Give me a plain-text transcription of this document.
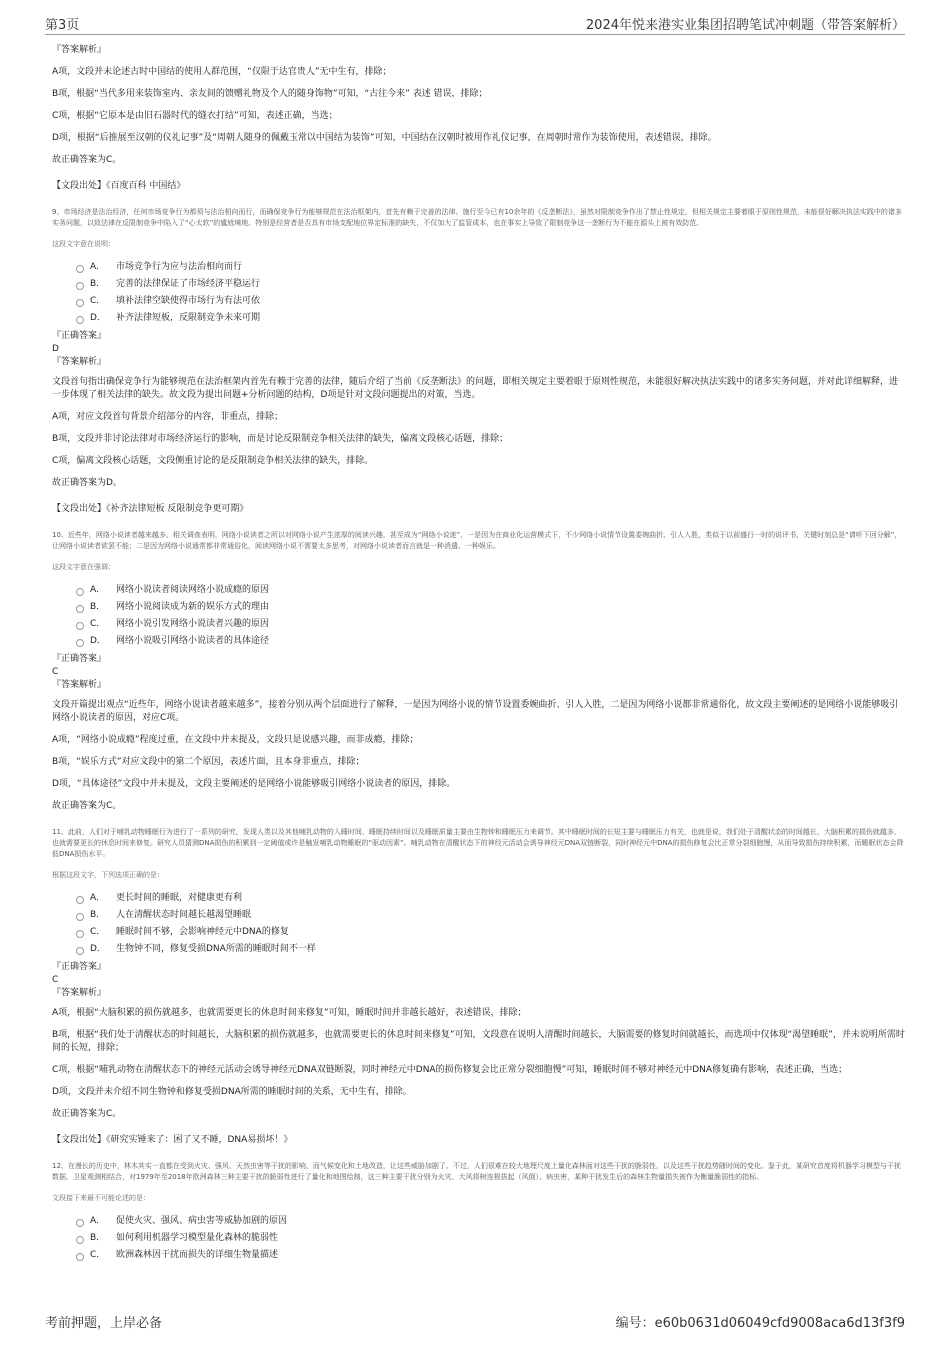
第3页	2024年悦来港实业集团招聘笔试冲刺题（带答案解析）

『答案解析』

A项，文段并未论述古时中国结的使用人群范围，“仅限于达官贵人”无中生有，排除；

B项，根据“当代多用来装饰室内、亲友间的馈赠礼物及个人的随身饰物”可知，“古往今来” 表述 错误，排除；

C项，根据“它原本是由旧石器时代的缝衣打结”可知，表述正确，当选；

D项，根据“后推展至汉朝的仪礼记事”及“周朝人随身的佩戴玉常以中国结为装饰”可知，中国结在汉朝时被用作礼仪记事，在周朝时常作为装饰使用，表述错误，排除。

故正确答案为C。

【文段出处】《百度百科 中国结》

9、市场经济是法治经济，任何市场竞争行为都须与法治相向而行，而确保竞争行为能够规范在法治框架内，首先有赖于完善的法律。施行至今已有10余年的《反垄断法》，虽然对限制竞争作出了禁止性规定，但相关规定主要着眼于原则性规范，未能很好解决执法实践中的诸多实务问题，以致法律在反限制竞争中陷入了“心太软”的尴尬境地。特别是经营者是否具有市场支配地位界定标准的缺失，不仅加大了监管成本，也在事实上导致了限制竞争这一垄断行为不能在源头上被有效防范。

这段文字意在说明：

A．	市场竞争行为应与法治相向而行
B．	完善的法律保证了市场经济平稳运行
C．	填补法律空缺使得市场行为有法可依
D．	补齐法律短板，反限制竞争未来可期

『正确答案』

D

『答案解析』

文段首句指出确保竞争行为能够规范在法治框架内首先有赖于完善的法律，随后介绍了当前《反垄断法》的问题，即相关规定主要着眼于原则性规范，未能很好解决执法实践中的诸多实务问题，并对此详细解释，进一步体现了相关法律的缺失。故文段为提出问题+分析问题的结构，D项是针对文段问题提出的对策，当选。

A项，对应文段首句背景介绍部分的内容，非重点，排除；

B项，文段并非讨论法律对市场经济运行的影响，而是讨论反限制竞争相关法律的缺失，偏离文段核心话题，排除；

C项，偏离文段核心话题，文段侧重讨论的是反限制竞争相关法律的缺失，排除。

故正确答案为D。

【文段出处】《补齐法律短板 反限制竞争更可期》

10、近些年，网络小说读者越来越多。相关调查表明，网络小说读者之所以对网络小说产生浓厚的阅读兴趣，甚至成为“网络小说迷”，一是因为在商业化运营模式下，不少网络小说情节设置委婉曲折、引人入胜，类似于以前盛行一时的说评书，关键时刻总是“请听下回分解”，让网络小说读者欲罢不能；二是因为网络小说通常都非常通俗化，阅读网络小说不需要太多思考，对网络小说读者而言就是一种消遣、一种娱乐。

这段文字意在强调：

A．	网络小说读者阅读网络小说成瘾的原因
B．	网络小说阅读成为新的娱乐方式的理由
C．	网络小说引发网络小说读者兴趣的原因
D．	网络小说吸引网络小说读者的具体途径

『正确答案』

C

『答案解析』

文段开篇提出观点“近些年，网络小说读者越来越多”，接着分别从两个层面进行了解释，一是因为网络小说的情节设置委婉曲折、引人入胜，二是因为网络小说都非常通俗化，故文段主要阐述的是网络小说能够吸引网络小说读者的原因，对应C项。

A项，“网络小说成瘾”程度过重，在文段中并未提及，文段只是说感兴趣，而非成瘾，排除；

B项，“娱乐方式”对应文段中的第二个原因，表述片面，且本身非重点，排除；

D项，“具体途径”文段中并未提及，文段主要阐述的是网络小说能够吸引网络小说读者的原因，排除。

故正确答案为C。

11、此前，人们对于哺乳动物睡眠行为进行了一系列的研究，发现人类以及其他哺乳动物的入睡时间、睡眠持续时间以及睡眠质量主要由生物钟和睡眠压力来调节。其中睡眠时间的长短主要与睡眠压力有关，也就是说，我们处于清醒状态的时间越长，大脑积累的损伤就越多，也就需要更长的休息时间来修复。研究人员猜测DNA损伤的积累到一定阈值或许是触发哺乳动物睡眠的“驱动因素”。哺乳动物在清醒状态下的神经元活动会诱导神经元DNA双链断裂，同时神经元中DNA的损伤修复会比正常分裂细胞慢，从而导致损伤持续积累，而睡眠状态会降低DNA损伤水平。

根据这段文字，下列选项正确的是：

A．	更长时间的睡眠，对健康更有利
B．	人在清醒状态时间越长越渴望睡眠
C．	睡眠时间不够，会影响神经元中DNA的修复
D．	生物钟不同，修复受损DNA所需的睡眠时间不一样

『正确答案』

C

『答案解析』

A项，根据“大脑积累的损伤就越多，也就需要更长的休息时间来修复”可知，睡眠时间并非越长越好，表述错误，排除；

B项，根据“我们处于清醒状态的时间越长，大脑积累的损伤就越多，也就需要更长的休息时间来修复”可知，文段意在说明人清醒时间越长，大脑需要的修复时间就越长，而选项中仅体现“渴望睡眠”，并未说明所需时间的长短，排除；

C项，根据“哺乳动物在清醒状态下的神经元活动会诱导神经元DNA双链断裂，同时神经元中DNA的损伤修复会比正常分裂细胞慢”可知，睡眠时间不够对神经元中DNA修复确有影响，表述正确，当选；

D项，文段并未介绍不同生物钟和修复受损DNA所需的睡眠时间的关系，无中生有，排除。

故正确答案为C。

【文段出处】《研究实锤来了：困了又不睡，DNA易损坏！》

12、在漫长的历史中，林木其实一直都在受到火灾、强风、天然虫害等干扰的影响，而气候变化和土地改造，让这些威胁加剧了。不过，人们很难在较大地理尺度上量化森林面对这些干扰的脆弱性，以及这些干扰趋势随时间的变化。鉴于此，某研究首度将机器学习模型与干扰数据、卫星观测相结合，对1979年至2018年欧洲森林三种主要干扰的脆弱性进行了量化和地图绘制，这三种主要干扰分别为火灾、大风将树连根拔起（风倒）、病虫害，某种干扰发生后的森林生物量损失被作为衡量脆弱性的指标。

文段接下来最不可能论述的是：

A．	促使火灾、强风、病虫害等威胁加剧的原因
B．	如何利用机器学习模型量化森林的脆弱性
C．	欧洲森林因干扰而损失的详细生物量描述
考前押题，上岸必备	编号：e60b0631d06049cfd9008aca6d13f3f9
